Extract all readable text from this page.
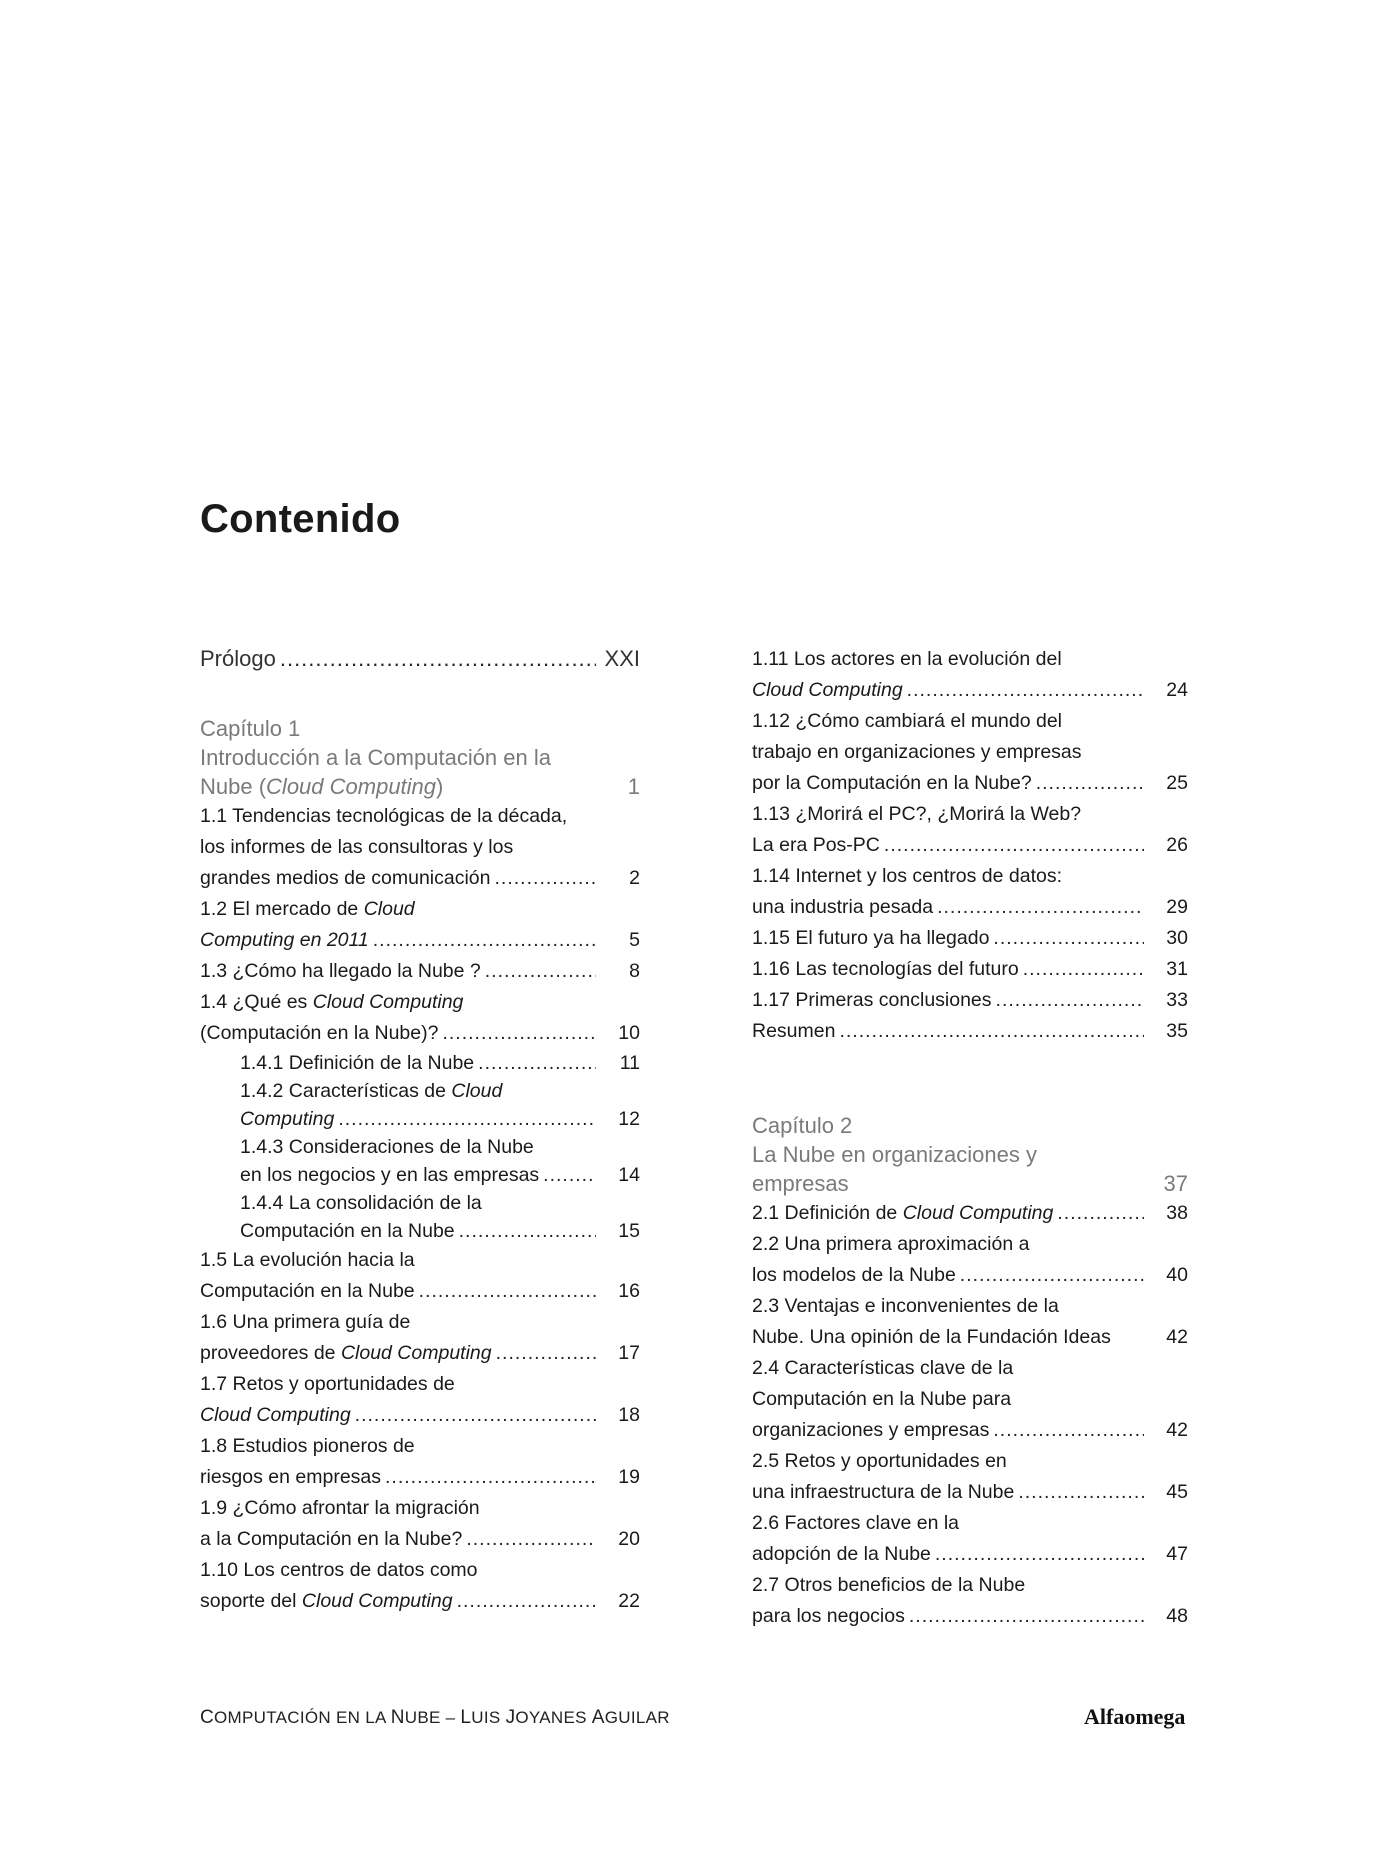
Contenido
Prólogo .....	XXI
Capítulo 1
Introducción a la Computación en la
Nube (Cloud Computing)	1
1.1 Tendencias tecnológicas de la década,
los informes de las consultoras y los
grandes medios de comunicación .....	2
1.2 El mercado de Cloud
Computing en 2011 .....	5
1.3 ¿Cómo ha llegado la Nube ? .....	8
1.4 ¿Qué es Cloud Computing
(Computación en la Nube)? .....	10
1.4.1 Definición de la Nube .....	11
1.4.2 Características de Cloud
Computing .....	12
1.4.3 Consideraciones de la Nube
en los negocios y en las empresas .....	14
1.4.4 La consolidación de la
Computación en la Nube .....	15
1.5 La evolución hacia la
Computación en la Nube .....	16
1.6 Una primera guía de
proveedores de Cloud Computing .....	17
1.7 Retos y oportunidades de
Cloud Computing .....	18
1.8 Estudios pioneros de
riesgos en empresas .....	19
1.9 ¿Cómo afrontar la migración
a la Computación en la Nube? .....	20
1.10 Los centros de datos como
soporte del Cloud Computing .....	22
1.11 Los actores en la evolución del
Cloud Computing .....	24
1.12 ¿Cómo cambiará el mundo del
trabajo en organizaciones y empresas
por la Computación en la Nube? .....	25
1.13 ¿Morirá el PC?, ¿Morirá la Web?
La era Pos-PC .....	26
1.14 Internet y los centros de datos:
una industria pesada .....	29
1.15 El futuro ya ha llegado .....	30
1.16 Las tecnologías del futuro .....	31
1.17 Primeras conclusiones .....	33
Resumen .....	35
Capítulo 2
La Nube en organizaciones y
empresas	37
2.1 Definición de Cloud Computing .....	38
2.2 Una primera aproximación a
los modelos de la Nube .....	40
2.3 Ventajas e inconvenientes de la
Nube. Una opinión de la Fundación Ideas	42
2.4 Características clave de la
Computación en la Nube para
organizaciones y empresas .....	42
2.5 Retos y oportunidades en
una infraestructura de la Nube .....	45
2.6 Factores clave en la
adopción de la Nube .....	47
2.7 Otros beneficios de la Nube
para los negocios .....	48
COMPUTACIÓN EN LA NUBE – LUIS JOYANES AGUILAR	Alfaomega
